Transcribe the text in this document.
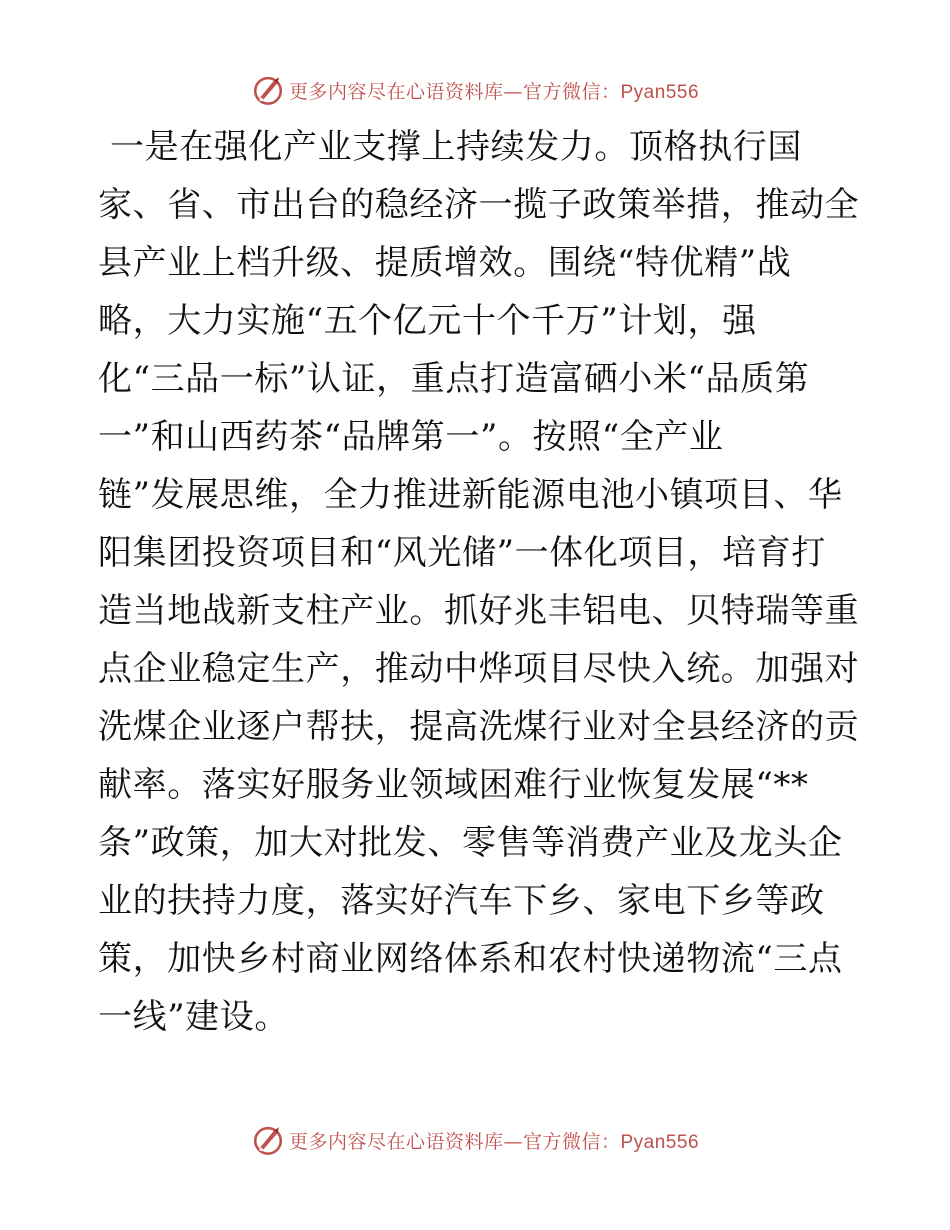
更多内容尽在心语资料库—官方微信：Pyan556
一是在强化产业支撑上持续发力。顶格执行国
家、省、市出台的稳经济一揽子政策举措，推动全
县产业上档升级、提质增效。围绕“特优精”战
略，大力实施“五个亿元十个千万”计划，强
化“三品一标”认证，重点打造富硒小米“品质第
一”和山西药茶“品牌第一”。按照“全产业
链”发展思维，全力推进新能源电池小镇项目、华
阳集团投资项目和“风光储”一体化项目，培育打
造当地战新支柱产业。抓好兆丰铝电、贝特瑞等重
点企业稳定生产，推动中烨项目尽快入统。加强对
洗煤企业逐户帮扶，提高洗煤行业对全县经济的贡
献率。落实好服务业领域困难行业恢复发展“**
条”政策，加大对批发、零售等消费产业及龙头企
业的扶持力度，落实好汽车下乡、家电下乡等政
策，加快乡村商业网络体系和农村快递物流“三点
一线”建设。
更多内容尽在心语资料库—官方微信：Pyan556
